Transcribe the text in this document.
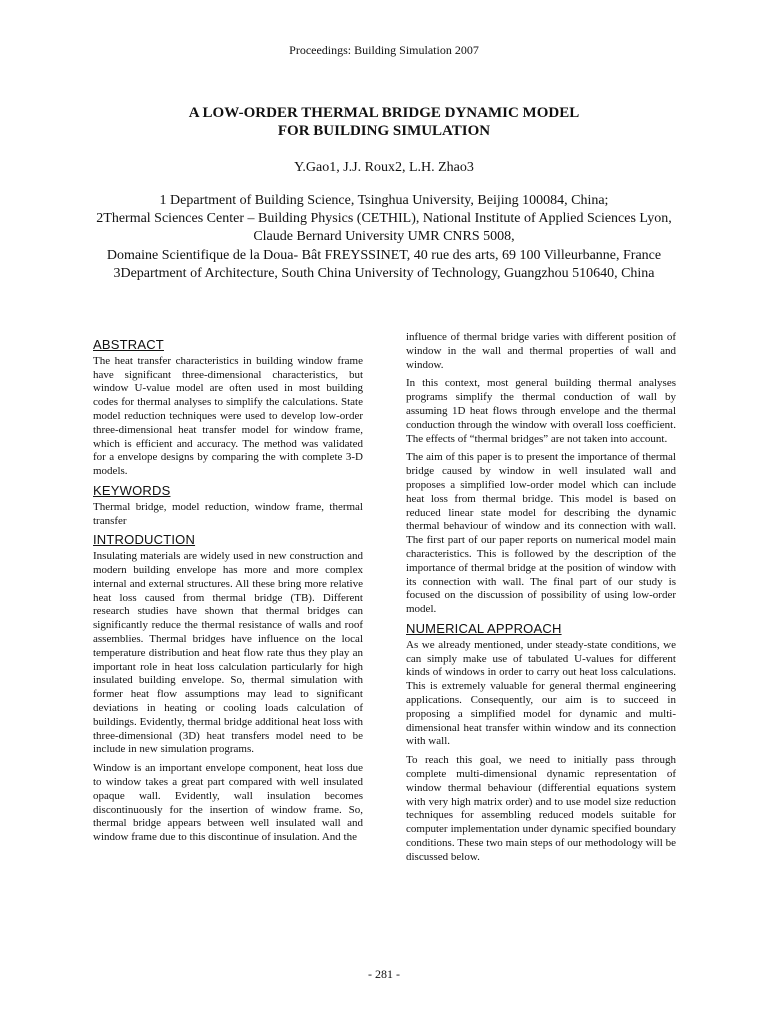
Proceedings: Building Simulation 2007
A LOW-ORDER THERMAL BRIDGE DYNAMIC MODEL
FOR BUILDING SIMULATION
Y.Gao1, J.J. Roux2, L.H. Zhao3

1 Department of Building Science, Tsinghua University, Beijing 100084, China;

2Thermal Sciences Center – Building Physics (CETHIL), National Institute of Applied Sciences Lyon, Claude Bernard University UMR CNRS 5008,

Domaine Scientifique de la Doua- Bât FREYSSINET, 40 rue des arts, 69 100 Villeurbanne, France

3Department of Architecture, South China University of Technology, Guangzhou 510640, China

ABSTRACT

The heat transfer characteristics in building window frame have significant three-dimensional characteristics, but window U-value model are often used in most building codes for thermal analyses to simplify the calculations. State model reduction techniques were used to develop low-order three-dimensional heat transfer model for window frame, which is efficient and accuracy. The method was validated for a envelope designs by comparing the with complete 3-D models.

KEYWORDS

Thermal bridge, model reduction, window frame, thermal transfer

INTRODUCTION

Insulating materials are widely used in new construction and modern building envelope has more and more complex internal and external structures. All these bring more relative heat loss caused from thermal bridge (TB). Different research studies have shown that thermal bridges can significantly reduce the thermal resistance of walls and roof assemblies. Thermal bridges have influence on the local temperature distribution and heat flow rate thus they play an important role in heat loss calculation particularly for high insulated building envelope. So, thermal simulation with former heat flow assumptions may lead to significant deviations in heating or cooling loads calculation of buildings. Evidently, thermal bridge additional heat loss with three-dimensional (3D) heat transfers model need to be include in new simulation programs.

Window is an important envelope component, heat loss due to window takes a great part compared with well insulated opaque wall. Evidently, wall insulation becomes discontinuously for the insertion of window frame. So, thermal bridge appears between well insulated wall and window frame due to this discontinue of insulation. And the

influence of thermal bridge varies with different position of window in the wall and thermal properties of wall and window.

In this context, most general building thermal analyses programs simplify the thermal conduction of wall by assuming 1D heat flows through envelope and the thermal conduction through the window with overall loss coefficient. The effects of “thermal bridges” are not taken into account.

The aim of this paper is to present the importance of thermal bridge caused by window in well insulated wall and proposes a simplified low-order model which can include heat loss from thermal bridge. This model is based on reduced linear state model for describing the dynamic thermal behaviour of window and its connection with wall. The first part of our paper reports on numerical model main characteristics. This is followed by the description of the importance of thermal bridge at the position of window with its connection with wall. The final part of our study is focused on the discussion of possibility of using low-order model.

NUMERICAL APPROACH

As we already mentioned, under steady-state conditions, we can simply make use of tabulated U-values for different kinds of windows in order to carry out heat loss calculations. This is extremely valuable for general thermal engineering applications. Consequently, our aim is to succeed in proposing a simplified model for dynamic and multi-dimensional heat transfer within window and its connection with wall.

To reach this goal, we need to initially pass through complete multi-dimensional dynamic representation of window thermal behaviour (differential equations system with very high matrix order) and to use model size reduction techniques for assembling reduced models suitable for computer implementation under dynamic specified boundary conditions. These two main steps of our methodology will be discussed below.

- 281 -
